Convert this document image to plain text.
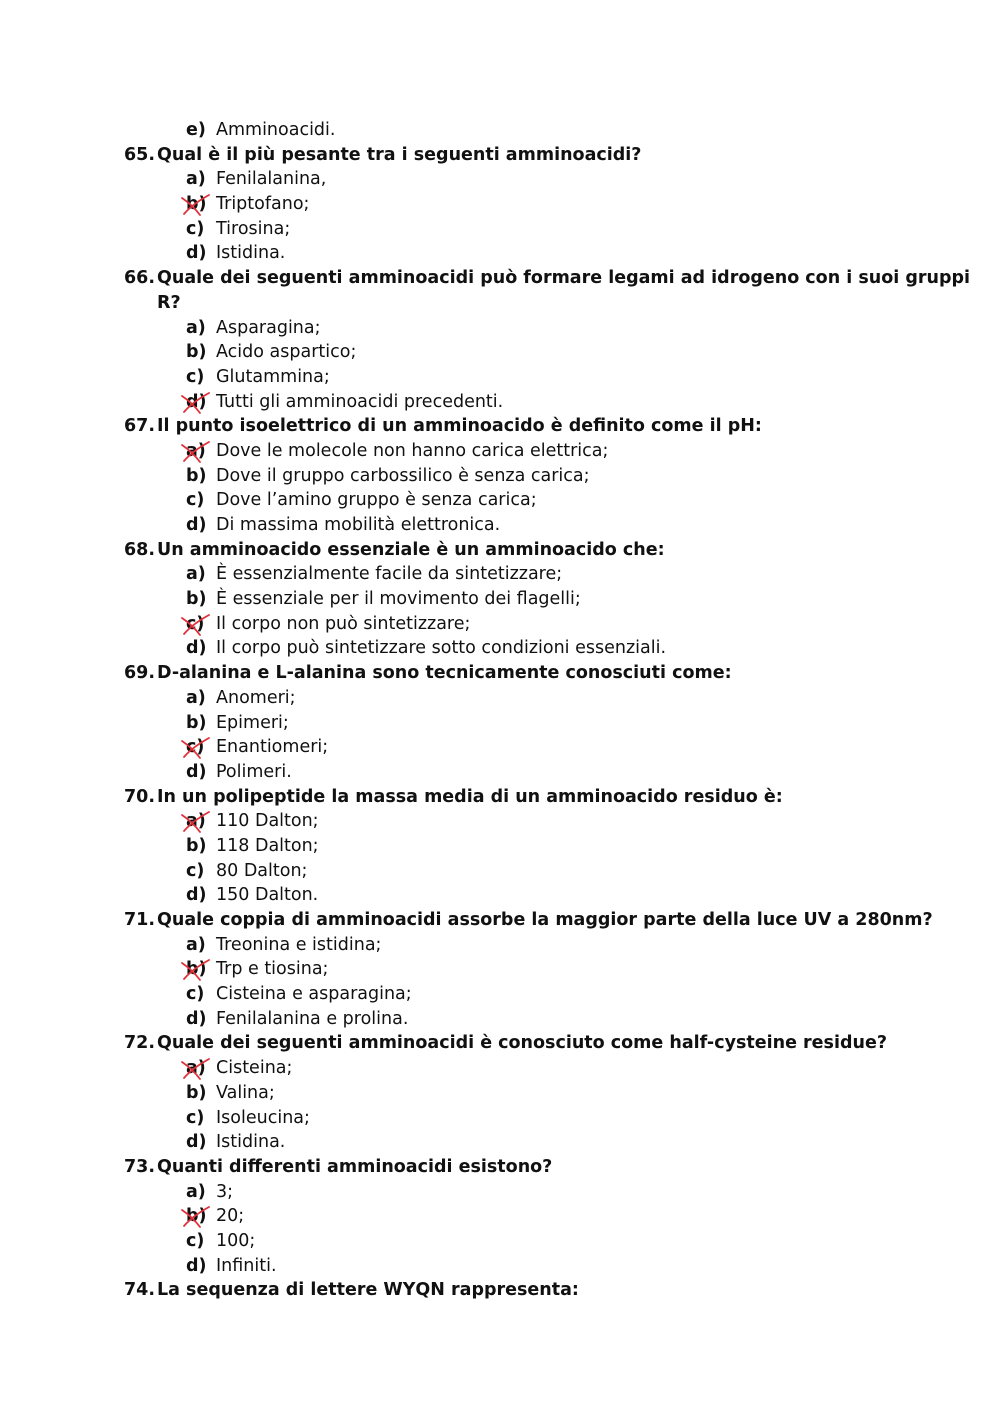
e) Amminoacidi.
65. Qual è il più pesante tra i seguenti amminoacidi?
a) Fenilalanina,
b) Triptofano;
c) Tirosina;
d) Istidina.
66. Quale dei seguenti amminoacidi può formare legami ad idrogeno con i suoi gruppi
R?
a) Asparagina;
b) Acido aspartico;
c) Glutammina;
d) Tutti gli amminoacidi precedenti.
67. Il punto isoelettrico di un amminoacido è definito come il pH:
a) Dove le molecole non hanno carica elettrica;
b) Dove il gruppo carbossilico è senza carica;
c) Dove l’amino gruppo è senza carica;
d) Di massima mobilità elettronica.
68. Un amminoacido essenziale è un amminoacido che:
a) È essenzialmente facile da sintetizzare;
b) È essenziale per il movimento dei flagelli;
c) Il corpo non può sintetizzare;
d) Il corpo può sintetizzare sotto condizioni essenziali.
69. D-alanina e L-alanina sono tecnicamente conosciuti come:
a) Anomeri;
b) Epimeri;
c) Enantiomeri;
d) Polimeri.
70. In un polipeptide la massa media di un amminoacido residuo è:
a) 110 Dalton;
b) 118 Dalton;
c) 80 Dalton;
d) 150 Dalton.
71. Quale coppia di amminoacidi assorbe la maggior parte della luce UV a 280nm?
a) Treonina e istidina;
b) Trp e tiosina;
c) Cisteina e asparagina;
d) Fenilalanina e prolina.
72. Quale dei seguenti amminoacidi è conosciuto come half-cysteine residue?
a) Cisteina;
b) Valina;
c) Isoleucina;
d) Istidina.
73. Quanti differenti amminoacidi esistono?
a) 3;
b) 20;
c) 100;
d) Infiniti.
74. La sequenza di lettere WYQN rappresenta:
